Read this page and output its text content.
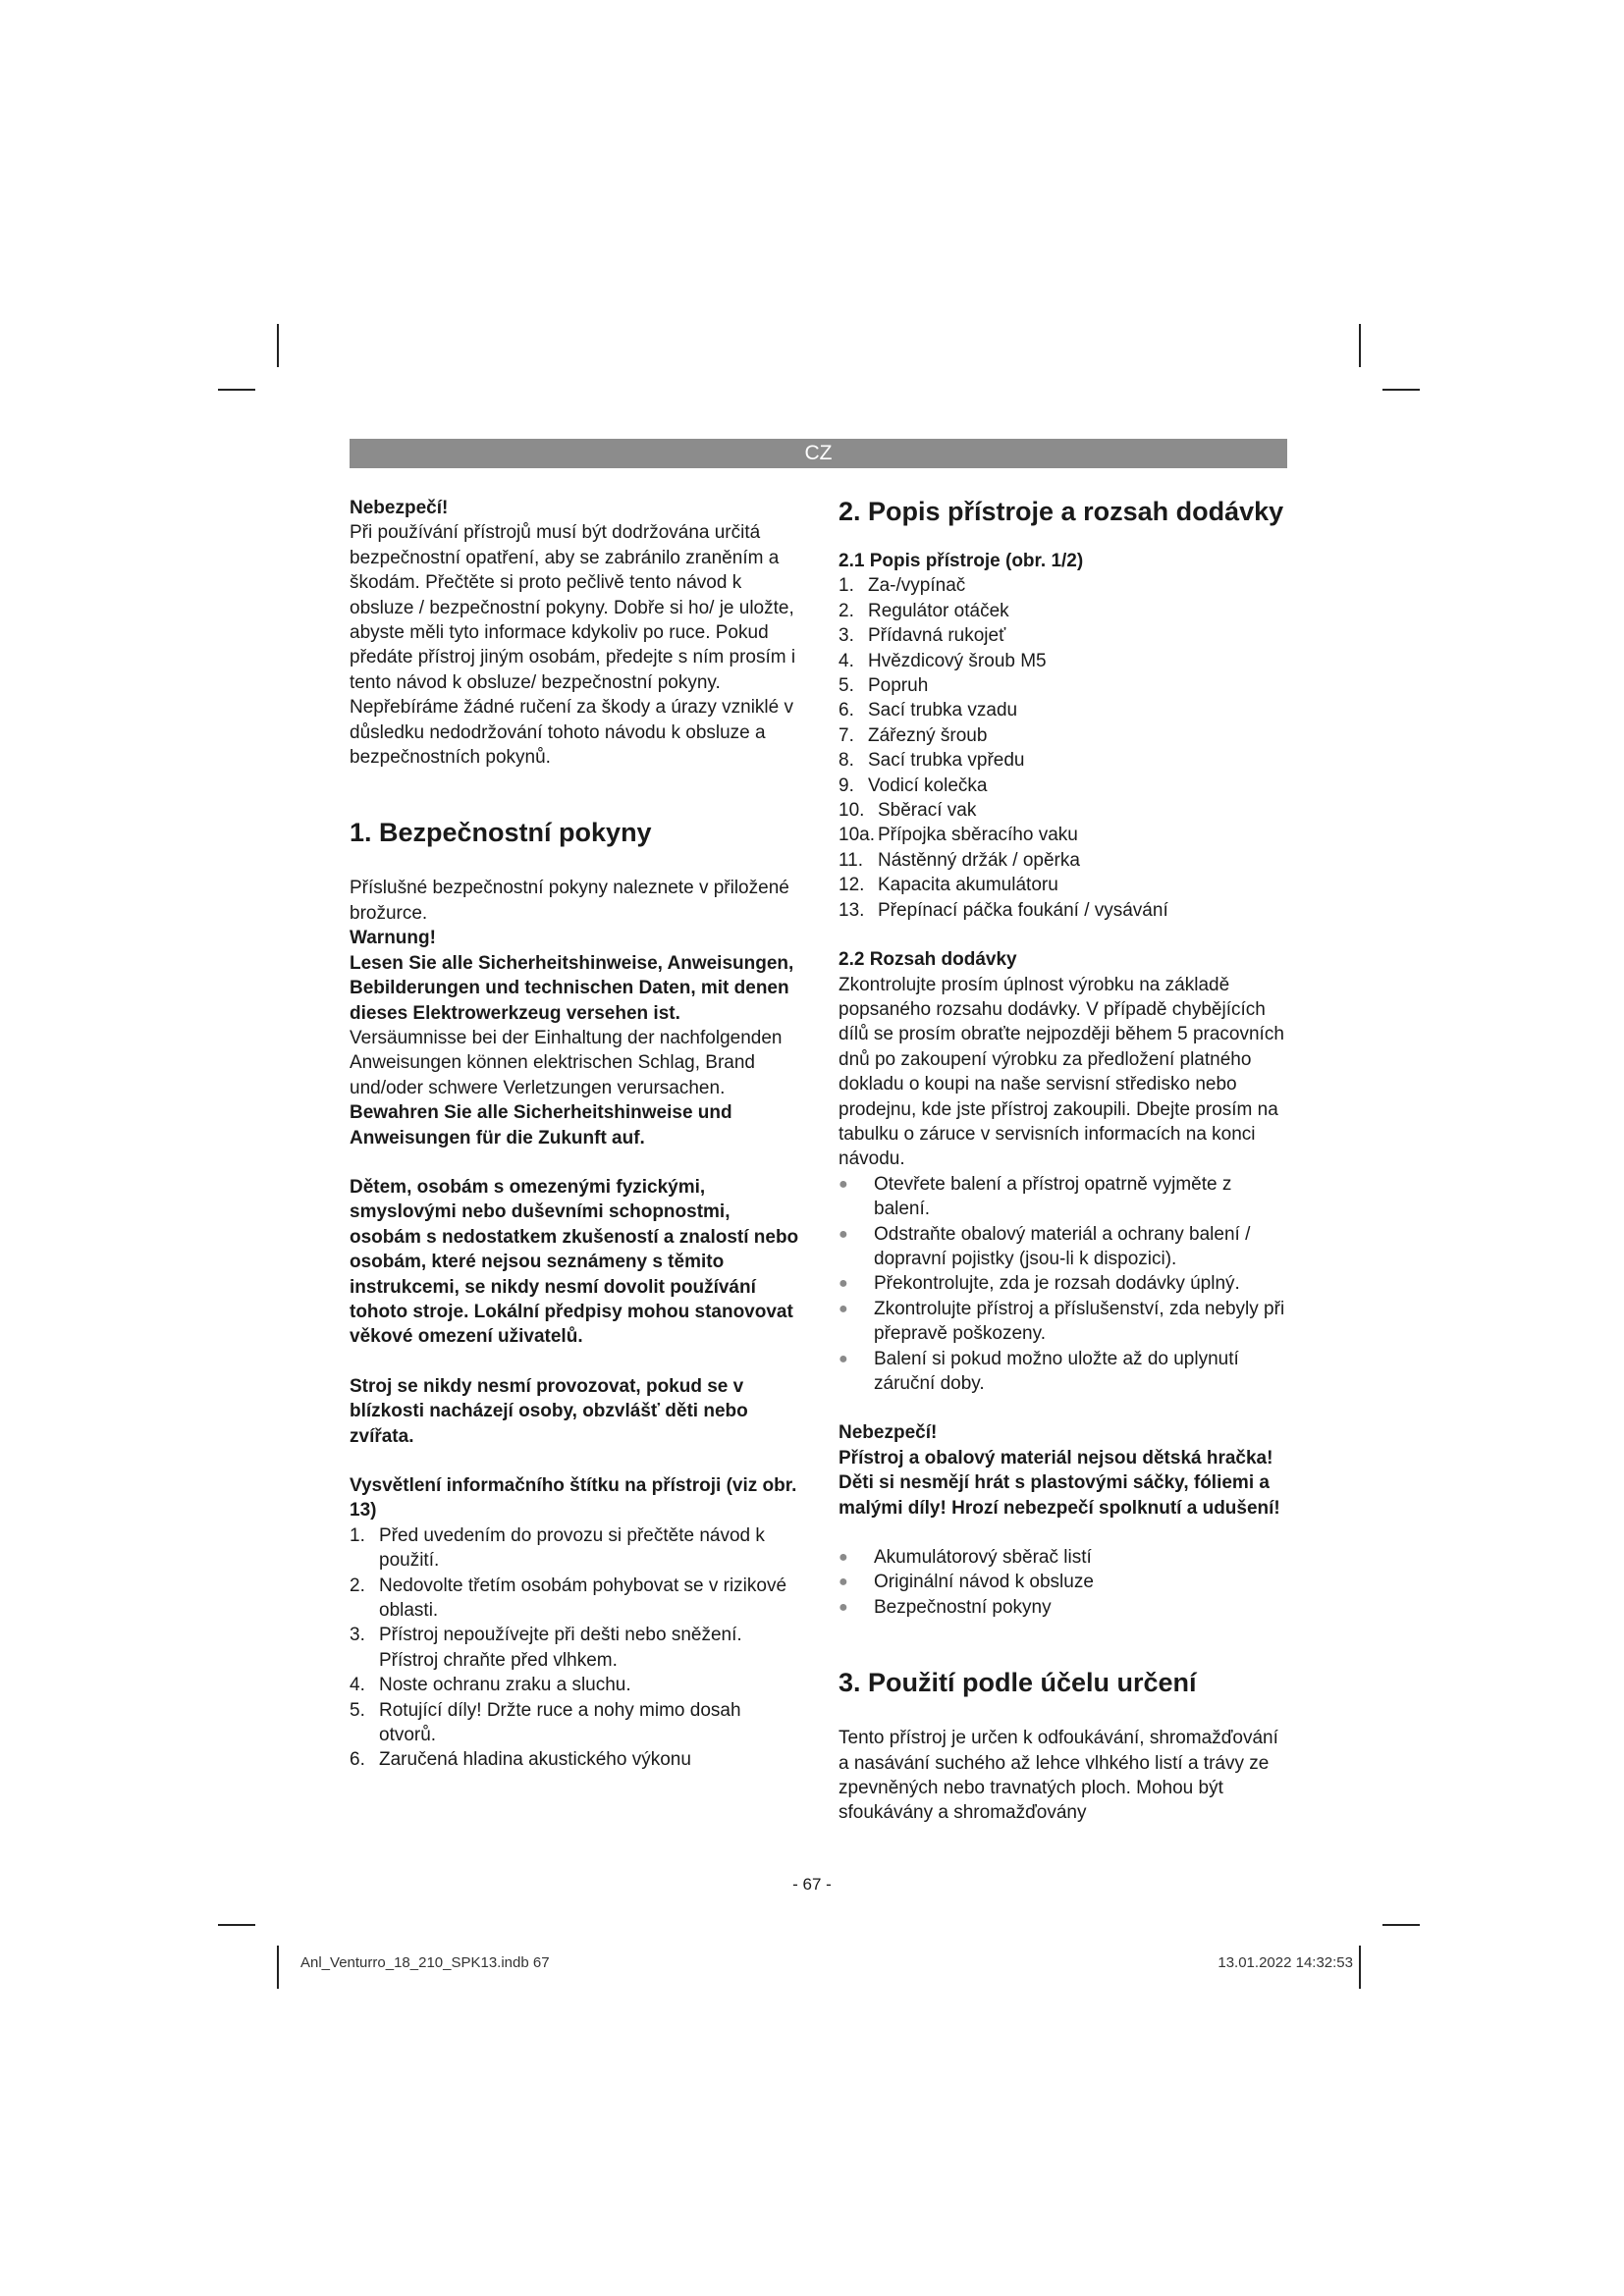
CZ

Nebezpečí!

Při používání přístrojů musí být dodržována určitá bezpečnostní opatření, aby se zabránilo zraněním a škodám. Přečtěte si proto pečlivě tento návod k obsluze / bezpečnostní pokyny. Dobře si ho/ je uložte, abyste měli tyto informace kdykoliv po ruce. Pokud předáte přístroj jiným osobám, předejte s ním prosím i tento návod k obsluze/ bezpečnostní pokyny. Nepřebíráme žádné ručení za škody a úrazy vzniklé v důsledku nedodržování tohoto návodu k obsluze a bezpečnostních pokynů.

1. Bezpečnostní pokyny

Příslušné bezpečnostní pokyny naleznete v přiložené brožurce.

Warnung!

Lesen Sie alle Sicherheitshinweise, Anweisungen, Bebilderungen und technischen Daten, mit denen dieses Elektrowerkzeug versehen ist. Versäumnisse bei der Einhaltung der nachfolgenden Anweisungen können elektrischen Schlag, Brand und/oder schwere Verletzungen verursachen.

Bewahren Sie alle Sicherheitshinweise und Anweisungen für die Zukunft auf.

Dětem, osobám s omezenými fyzickými, smyslovými nebo duševními schopnostmi, osobám s nedostatkem zkušeností a znalostí nebo osobám, které nejsou seznámeny s těmito instrukcemi, se nikdy nesmí dovolit používání tohoto stroje. Lokální předpisy mohou stanovovat věkové omezení uživatelů.

Stroj se nikdy nesmí provozovat, pokud se v blízkosti nacházejí osoby, obzvlášť děti nebo zvířata.

Vysvětlení informačního štítku na přístroji (viz obr. 13)

1. Před uvedením do provozu si přečtěte návod k použití.
2. Nedovolte třetím osobám pohybovat se v rizikové oblasti.
3. Přístroj nepoužívejte při dešti nebo sněžení. Přístroj chraňte před vlhkem.
4. Noste ochranu zraku a sluchu.
5. Rotující díly! Držte ruce a nohy mimo dosah otvorů.
6. Zaručená hladina akustického výkonu
2. Popis přístroje a rozsah dodávky

2.1 Popis přístroje (obr. 1/2)

1. Za-/vypínač
2. Regulátor otáček
3. Přídavná rukojeť
4. Hvězdicový šroub M5
5. Popruh
6. Sací trubka vzadu
7. Zářezný šroub
8. Sací trubka vpředu
9. Vodicí kolečka
10. Sběrací vak
10a. Přípojka sběracího vaku
11. Nástěnný držák / opěrka
12. Kapacita akumulátoru
13. Přepínací páčka foukání / vysávání

2.2 Rozsah dodávky

Zkontrolujte prosím úplnost výrobku na základě popsaného rozsahu dodávky. V případě chybějících dílů se prosím obraťte nejpozději během 5 pracovních dnů po zakoupení výrobku za předložení platného dokladu o koupi na naše servisní středisko nebo prodejnu, kde jste přístroj zakoupili. Dbejte prosím na tabulku o záruce v servisních informacích na konci návodu.

●	Otevřete balení a přístroj opatrně vyjměte z balení.
●	Odstraňte obalový materiál a ochrany balení / dopravní pojistky (jsou-li k dispozici).
●	Překontrolujte, zda je rozsah dodávky úplný.
●	Zkontrolujte přístroj a příslušenství, zda nebyly při přepravě poškozeny.
●	Balení si pokud možno uložte až do uplynutí záruční doby.

Nebezpečí!

Přístroj a obalový materiál nejsou dětská hračka! Děti si nesmějí hrát s plastovými sáčky, fóliemi a malými díly! Hrozí nebezpečí spolknutí a udušení!

●	Akumulátorový sběrač listí
●	Originální návod k obsluze
●	Bezpečnostní pokyny
3. Použití podle účelu určení

Tento přístroj je určen k odfoukávání, shromažďování a nasávání suchého až lehce vlhkého listí a trávy ze zpevněných nebo travnatých ploch. Mohou být sfoukávány a shromažďovány

- 67 -
Anl_Venturro_18_210_SPK13.indb 67	13.01.2022 14:32:53
